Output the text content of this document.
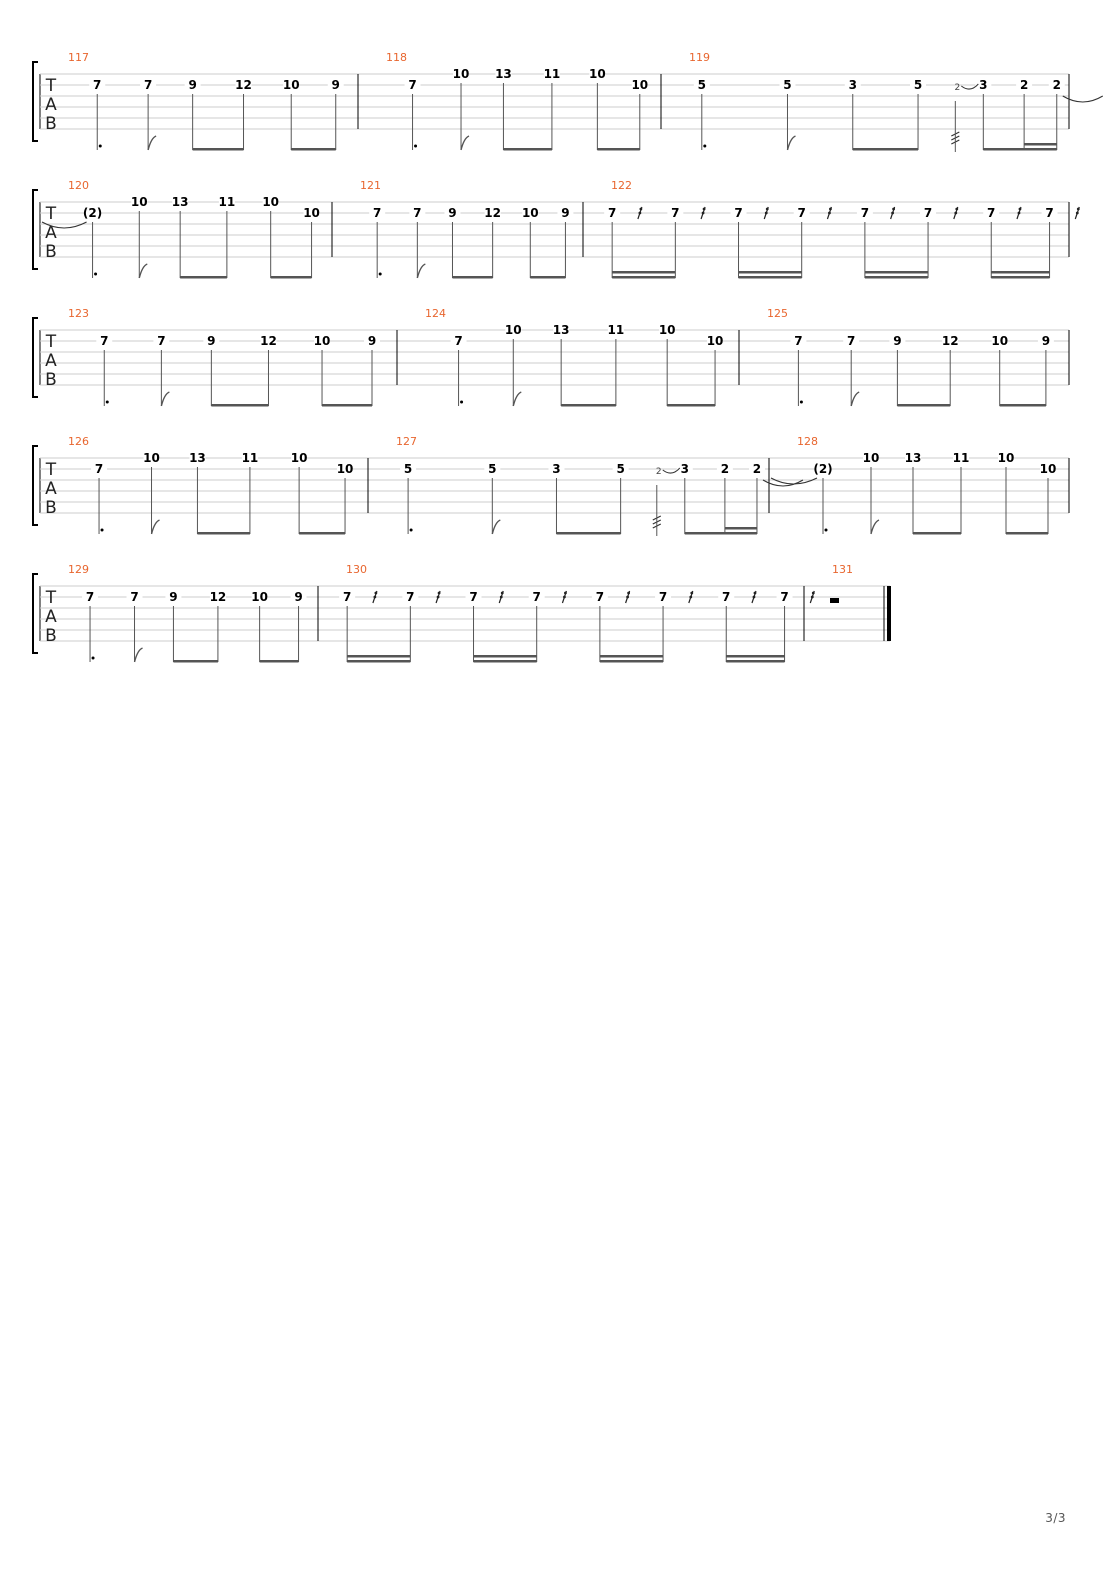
T
A
B
117
7	7	9	12	10	9
118
7
10 13	11 10
10
119
5	5	3	5	3
2	2 2
T
A
B
120
(2)
10 13	11 10
10
121
7	7 9 12 10 9
122
7	7	7	7	7	7	7	7
T
A
B
123
7	7	9	12	10	9
124
7
10	13	11	10
10
125
7	7	9	12	10	9
T
A
B
126
7
10 13	11	10
10
127
5	5	3	5	3
2	2 2
128
(2)
10 13	11 10
10
T
A
B
129
7	7	9	12 10 9
130
7	7	7	7	7	7	7	7
131
3/3
